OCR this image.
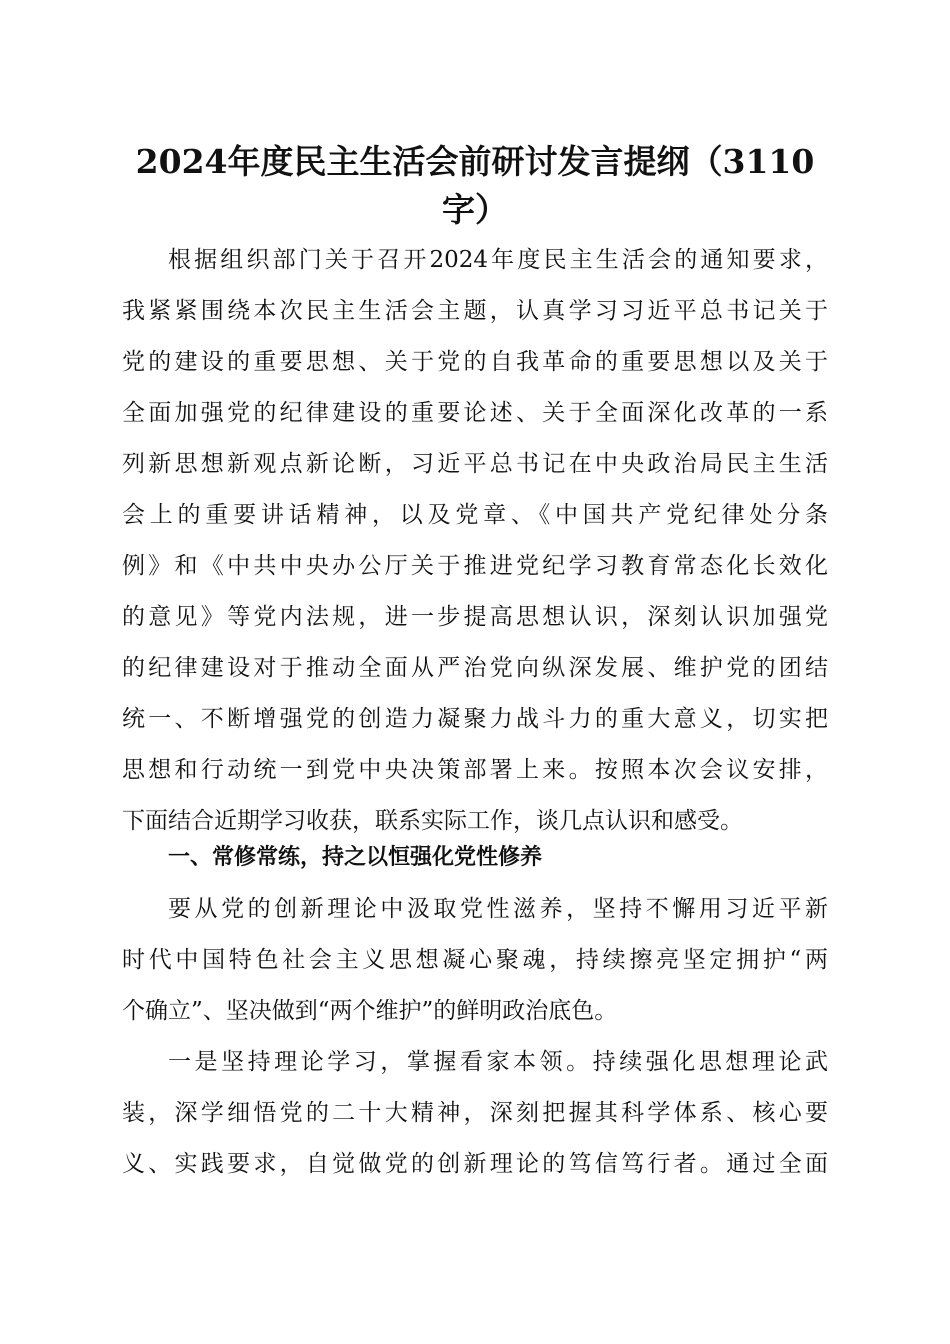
2024年度民主生活会前研讨发言提纲（3110
字）

根据组织部门关于召开2024年度民主生活会的通知要求，

我紧紧围绕本次民主生活会主题，认真学习习近平总书记关于

党的建设的重要思想、关于党的自我革命的重要思想以及关于

全面加强党的纪律建设的重要论述、关于全面深化改革的一系

列新思想新观点新论断，习近平总书记在中央政治局民主生活

会上的重要讲话精神，以及党章、《中国共产党纪律处分条

例》和《中共中央办公厅关于推进党纪学习教育常态化长效化

的意见》等党内法规，进一步提高思想认识，深刻认识加强党

的纪律建设对于推动全面从严治党向纵深发展、维护党的团结

统一、不断增强党的创造力凝聚力战斗力的重大意义，切实把

思想和行动统一到党中央决策部署上来。按照本次会议安排，

下面结合近期学习收获，联系实际工作，谈几点认识和感受。

一、常修常练，持之以恒强化党性修养

要从党的创新理论中汲取党性滋养，坚持不懈用习近平新

时代中国特色社会主义思想凝心聚魂，持续擦亮坚定拥护“两

个确立”、坚决做到“两个维护”的鲜明政治底色。

一是坚持理论学习，掌握看家本领。持续强化思想理论武

装，深学细悟党的二十大精神，深刻把握其科学体系、核心要

义、实践要求，自觉做党的创新理论的笃信笃行者。通过全面
